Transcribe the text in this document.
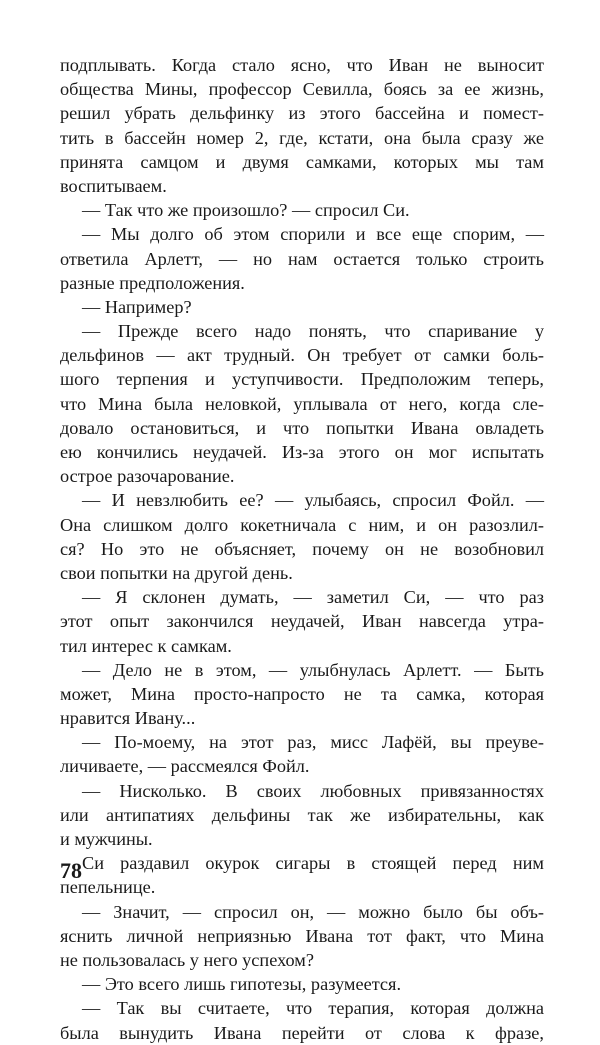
подплывать. Когда стало ясно, что Иван не выносит
общества Мины, профессор Севилла, боясь за ее жизнь,
решил убрать дельфинку из этого бассейна и помест-
тить в бассейн номер 2, где, кстати, она была сразу же
принята самцом и двумя самками, которых мы там
воспитываем.
— Так что же произошло? — спросил Си.
— Мы долго об этом спорили и все еще спорим, —
ответила Арлетт, — но нам остается только строить
разные предположения.
— Например?
— Прежде всего надо понять, что спаривание у
дельфинов — акт трудный. Он требует от самки боль-
шого терпения и уступчивости. Предположим теперь,
что Мина была неловкой, уплывала от него, когда сле-
довало остановиться, и что попытки Ивана овладеть
ею кончились неудачей. Из-за этого он мог испытать
острое разочарование.
— И невзлюбить ее? — улыбаясь, спросил Фойл. —
Она слишком долго кокетничала с ним, и он разозлил-
ся? Но это не объясняет, почему он не возобновил
свои попытки на другой день.
— Я склонен думать, — заметил Си, — что раз
этот опыт закончился неудачей, Иван навсегда утра-
тил интерес к самкам.
— Дело не в этом, — улыбнулась Арлетт. — Быть
может, Мина просто-напросто не та самка, которая
нравится Ивану...
— По-моему, на этот раз, мисс Лафёй, вы преуве-
личиваете, — рассмеялся Фойл.
— Нисколько. В своих любовных привязанностях
или антипатиях дельфины так же избирательны, как
и мужчины.
Си раздавил окурок сигары в стоящей перед ним
пепельнице.
— Значит, — спросил он, — можно было бы объ-
яснить личной неприязнью Ивана тот факт, что Мина
не пользовалась у него успехом?
— Это всего лишь гипотезы, разумеется.
— Так вы считаете, что терапия, которая должна
была вынудить Ивана перейти от слова к фразе,
78
